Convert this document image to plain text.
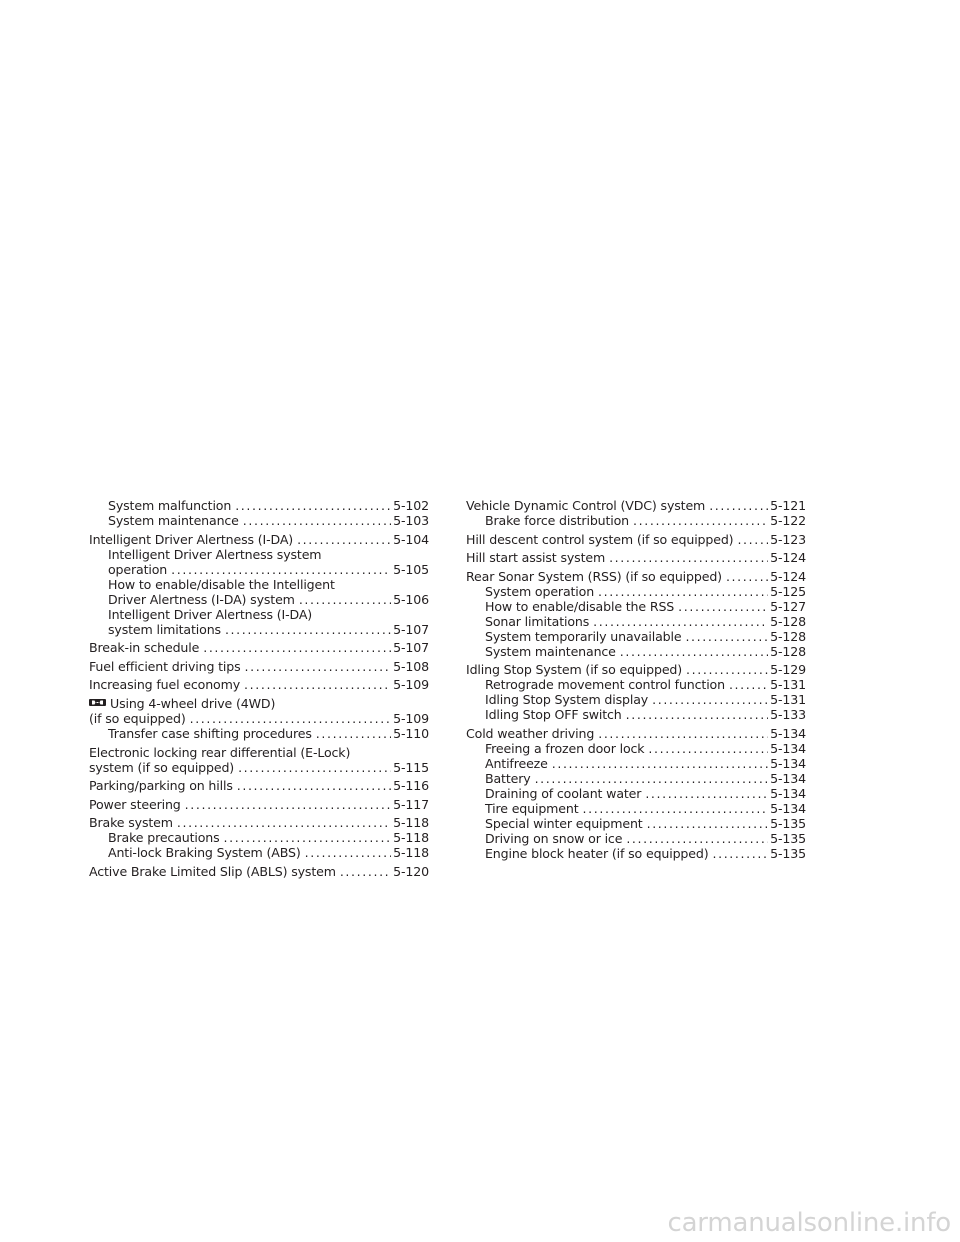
System malfunction . . .	5-102
System maintenance . . .	5-103
Intelligent Driver Alertness (I-DA) . . .	5-104
Intelligent Driver Alertness system
operation . . .	5-105
How to enable/disable the Intelligent
Driver Alertness (I-DA) system . . .	5-106
Intelligent Driver Alertness (I-DA)
system limitations . . .	5-107
Break-in schedule . . .	5-107
Fuel efficient driving tips . . .	5-108
Increasing fuel economy . . .	5-109
Using 4-wheel drive (4WD)
(if so equipped) . . .	5-109
Transfer case shifting procedures . . .	5-110
Electronic locking rear differential (E-Lock)
system (if so equipped) . . .	5-115
Parking/parking on hills . . .	5-116
Power steering . . .	5-117
Brake system . . .	5-118
Brake precautions . . .	5-118
Anti-lock Braking System (ABS) . . .	5-118
Active Brake Limited Slip (ABLS) system . . .	5-120
Vehicle Dynamic Control (VDC) system . . .	5-121
Brake force distribution . . .	5-122
Hill descent control system (if so equipped) . . .	5-123
Hill start assist system . . .	5-124
Rear Sonar System (RSS) (if so equipped) . . .	5-124
System operation . . .	5-125
How to enable/disable the RSS . . .	5-127
Sonar limitations . . .	5-128
System temporarily unavailable . . .	5-128
System maintenance . . .	5-128
Idling Stop System (if so equipped) . . .	5-129
Retrograde movement control function . . .	5-131
Idling Stop System display . . .	5-131
Idling Stop OFF switch . . .	5-133
Cold weather driving . . .	5-134
Freeing a frozen door lock . . .	5-134
Antifreeze . . .	5-134
Battery . . .	5-134
Draining of coolant water . . .	5-134
Tire equipment . . .	5-134
Special winter equipment . . .	5-135
Driving on snow or ice . . .	5-135
Engine block heater (if so equipped) . . .	5-135
carmanualsonline.info
